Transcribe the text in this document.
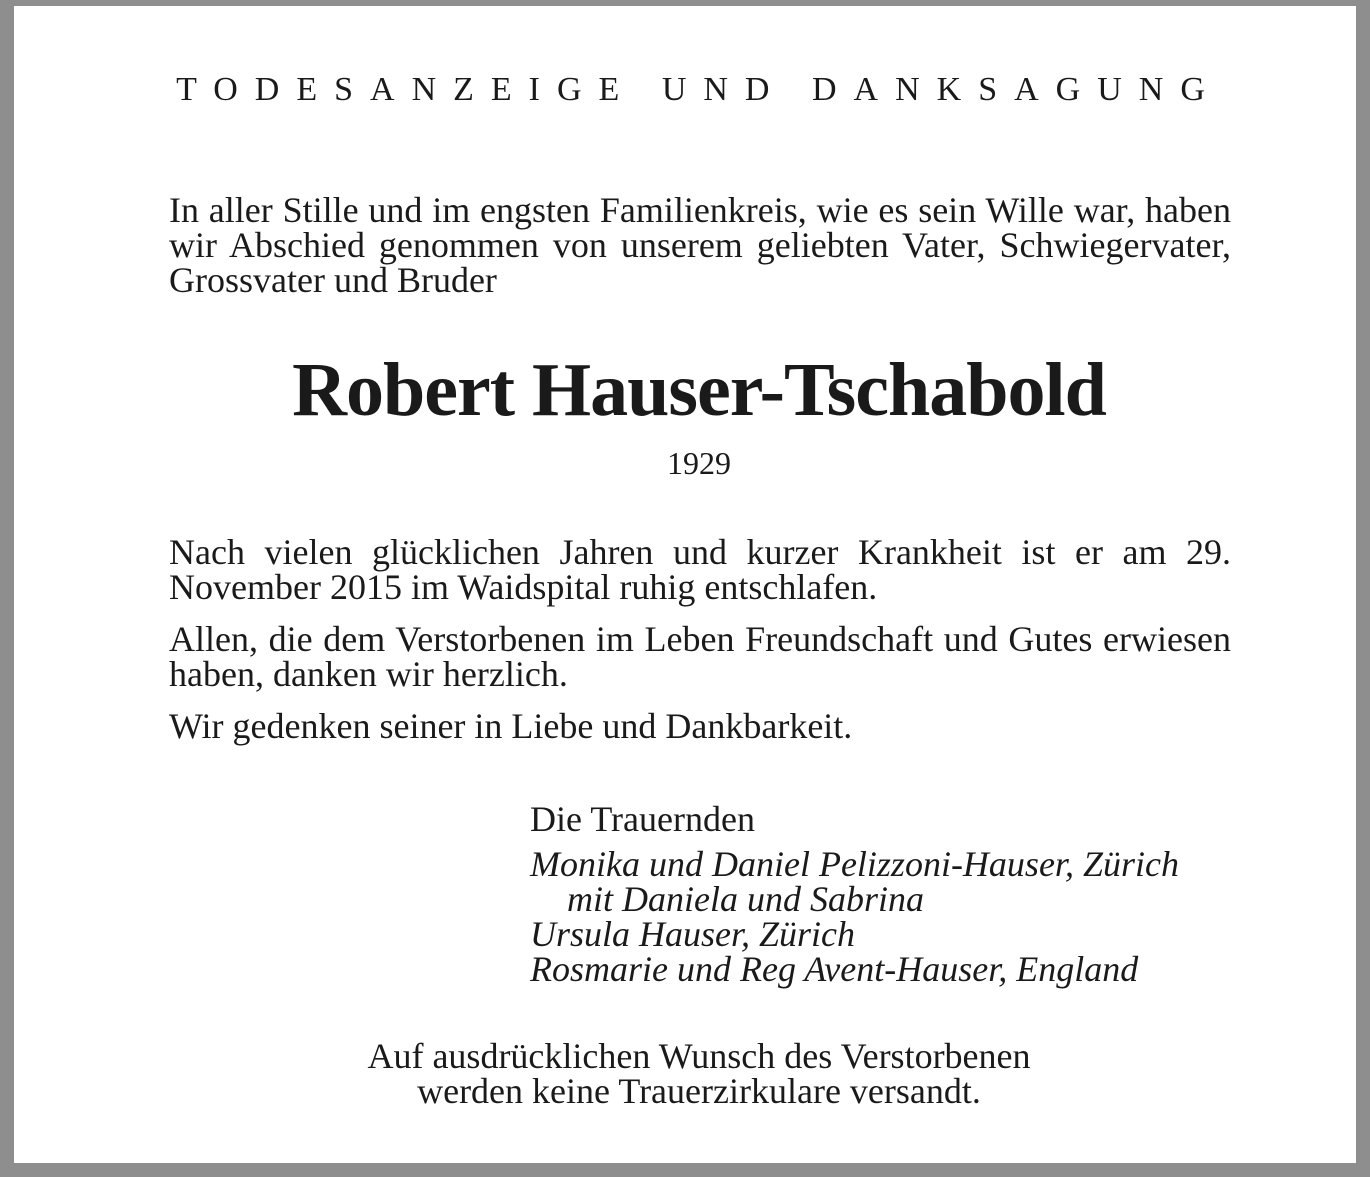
TODESANZEIGE UND DANKSAGUNG
In aller Stille und im engsten Familienkreis, wie es sein Wille war, haben wir Abschied genommen von unserem geliebten Vater, Schwiegervater, Grossvater und Bruder
Robert Hauser-Tschabold
1929
Nach vielen glücklichen Jahren und kurzer Krankheit ist er am 29. November 2015 im Waidspital ruhig entschlafen.
Allen, die dem Verstorbenen im Leben Freundschaft und Gutes erwiesen haben, danken wir herzlich.
Wir gedenken seiner in Liebe und Dankbarkeit.
Die Trauernden
Monika und Daniel Pelizzoni-Hauser, Zürich
mit Daniela und Sabrina
Ursula Hauser, Zürich
Rosmarie und Reg Avent-Hauser, England
Auf ausdrücklichen Wunsch des Verstorbenen
werden keine Trauerzirkulare versandt.
